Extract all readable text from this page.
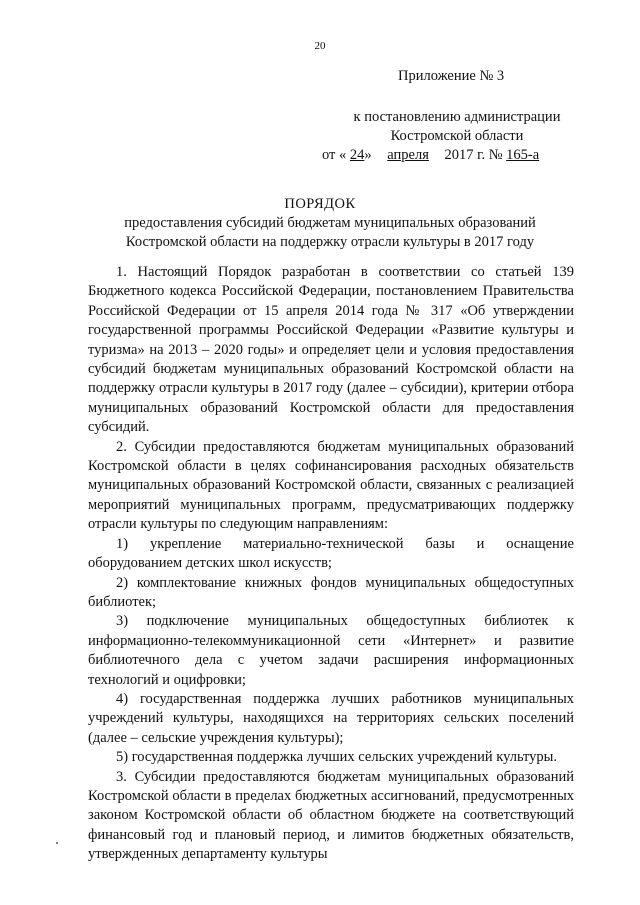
20
Приложение № 3
к постановлению администрации Костромской области
от « 24» апреля 2017 г. № 165-а
ПОРЯДОК
предоставления субсидий бюджетам муниципальных образований Костромской области на поддержку отрасли культуры в 2017 году

1. Настоящий Порядок разработан в соответствии со статьей 139 Бюджетного кодекса Российской Федерации, постановлением Правительства Российской Федерации от 15 апреля 2014 года № 317 «Об утверждении государственной программы Российской Федерации «Развитие культуры и туризма» на 2013 – 2020 годы» и определяет цели и условия предоставления субсидий бюджетам муниципальных образований Костромской области на поддержку отрасли культуры в 2017 году (далее – субсидии), критерии отбора муниципальных образований Костромской области для предоставления субсидий.

2. Субсидии предоставляются бюджетам муниципальных образований Костромской области в целях софинансирования расходных обязательств муниципальных образований Костромской области, связанных с реализацией мероприятий муниципальных программ, предусматривающих поддержку отрасли культуры по следующим направлениям:

1) укрепление материально-технической базы и оснащение оборудованием детских школ искусств;

2) комплектование книжных фондов муниципальных общедоступных библиотек;

3) подключение муниципальных общедоступных библиотек к информационно-телекоммуникационной сети «Интернет» и развитие библиотечного дела с учетом задачи расширения информационных технологий и оцифровки;

4) государственная поддержка лучших работников муниципальных учреждений культуры, находящихся на территориях сельских поселений (далее – сельские учреждения культуры);

5) государственная поддержка лучших сельских учреждений культуры.

3. Субсидии предоставляются бюджетам муниципальных образований Костромской области в пределах бюджетных ассигнований, предусмотренных законом Костромской области об областном бюджете на соответствующий финансовый год и плановый период, и лимитов бюджетных обязательств, утвержденных департаменту культуры
